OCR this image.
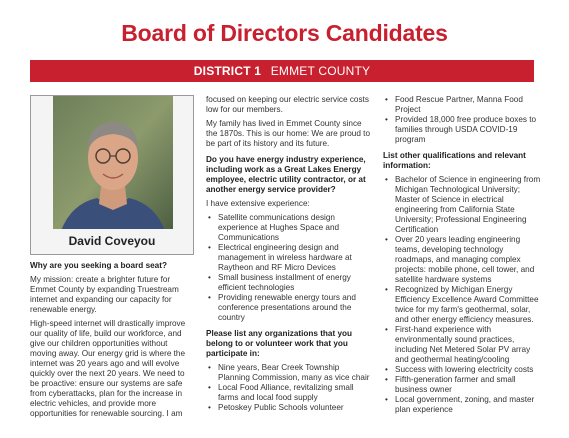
Board of Directors Candidates
DISTRICT 1 EMMET COUNTY
David Coveyou
Why are you seeking a board seat?
My mission: create a brighter future for Emmet County by expanding Truestream internet and expanding our capacity for renewable energy.
High-speed internet will drastically improve our quality of life, build our workforce, and give our children opportunities without moving away. Our energy grid is where the internet was 20 years ago and will evolve quickly over the next 20 years. We need to be proactive: ensure our systems are safe from cyberattacks, plan for the increase in electric vehicles, and provide more opportunities for renewable sourcing. I am
focused on keeping our electric service costs low for our members.
My family has lived in Emmet County since the 1870s. This is our home: We are proud to be part of its history and its future.
Do you have energy industry experience, including work as a Great Lakes Energy employee, electric utility contractor, or at another energy service provider?
I have extensive experience:
• Satellite communications design experience at Hughes Space and Communications
• Electrical engineering design and management in wireless hardware at Raytheon and RF Micro Devices
• Small business installment of energy efficient technologies
• Providing renewable energy tours and conference presentations around the country
Please list any organizations that you belong to or volunteer work that you participate in:
• Nine years, Bear Creek Township Planning Commission, many as vice chair
• Local Food Alliance, revitalizing small farms and local food supply
• Petoskey Public Schools volunteer
• Food Rescue Partner, Manna Food Project
• Provided 18,000 free produce boxes to families through USDA COVID-19 program
List other qualifications and relevant information:
• Bachelor of Science in engineering from Michigan Technological University; Master of Science in electrical engineering from California State University; Professional Engineering Certification
• Over 20 years leading engineering teams, developing technology roadmaps, and managing complex projects: mobile phone, cell tower, and satellite hardware systems
• Recognized by Michigan Energy Efficiency Excellence Award Committee twice for my farm's geothermal, solar, and other energy efficiency measures.
• First-hand experience with environmentally sound practices, including Net Metered Solar PV array and geothermal heating/cooling
• Success with lowering electricity costs
• Fifth-generation farmer and small business owner
• Local government, zoning, and master plan experience
